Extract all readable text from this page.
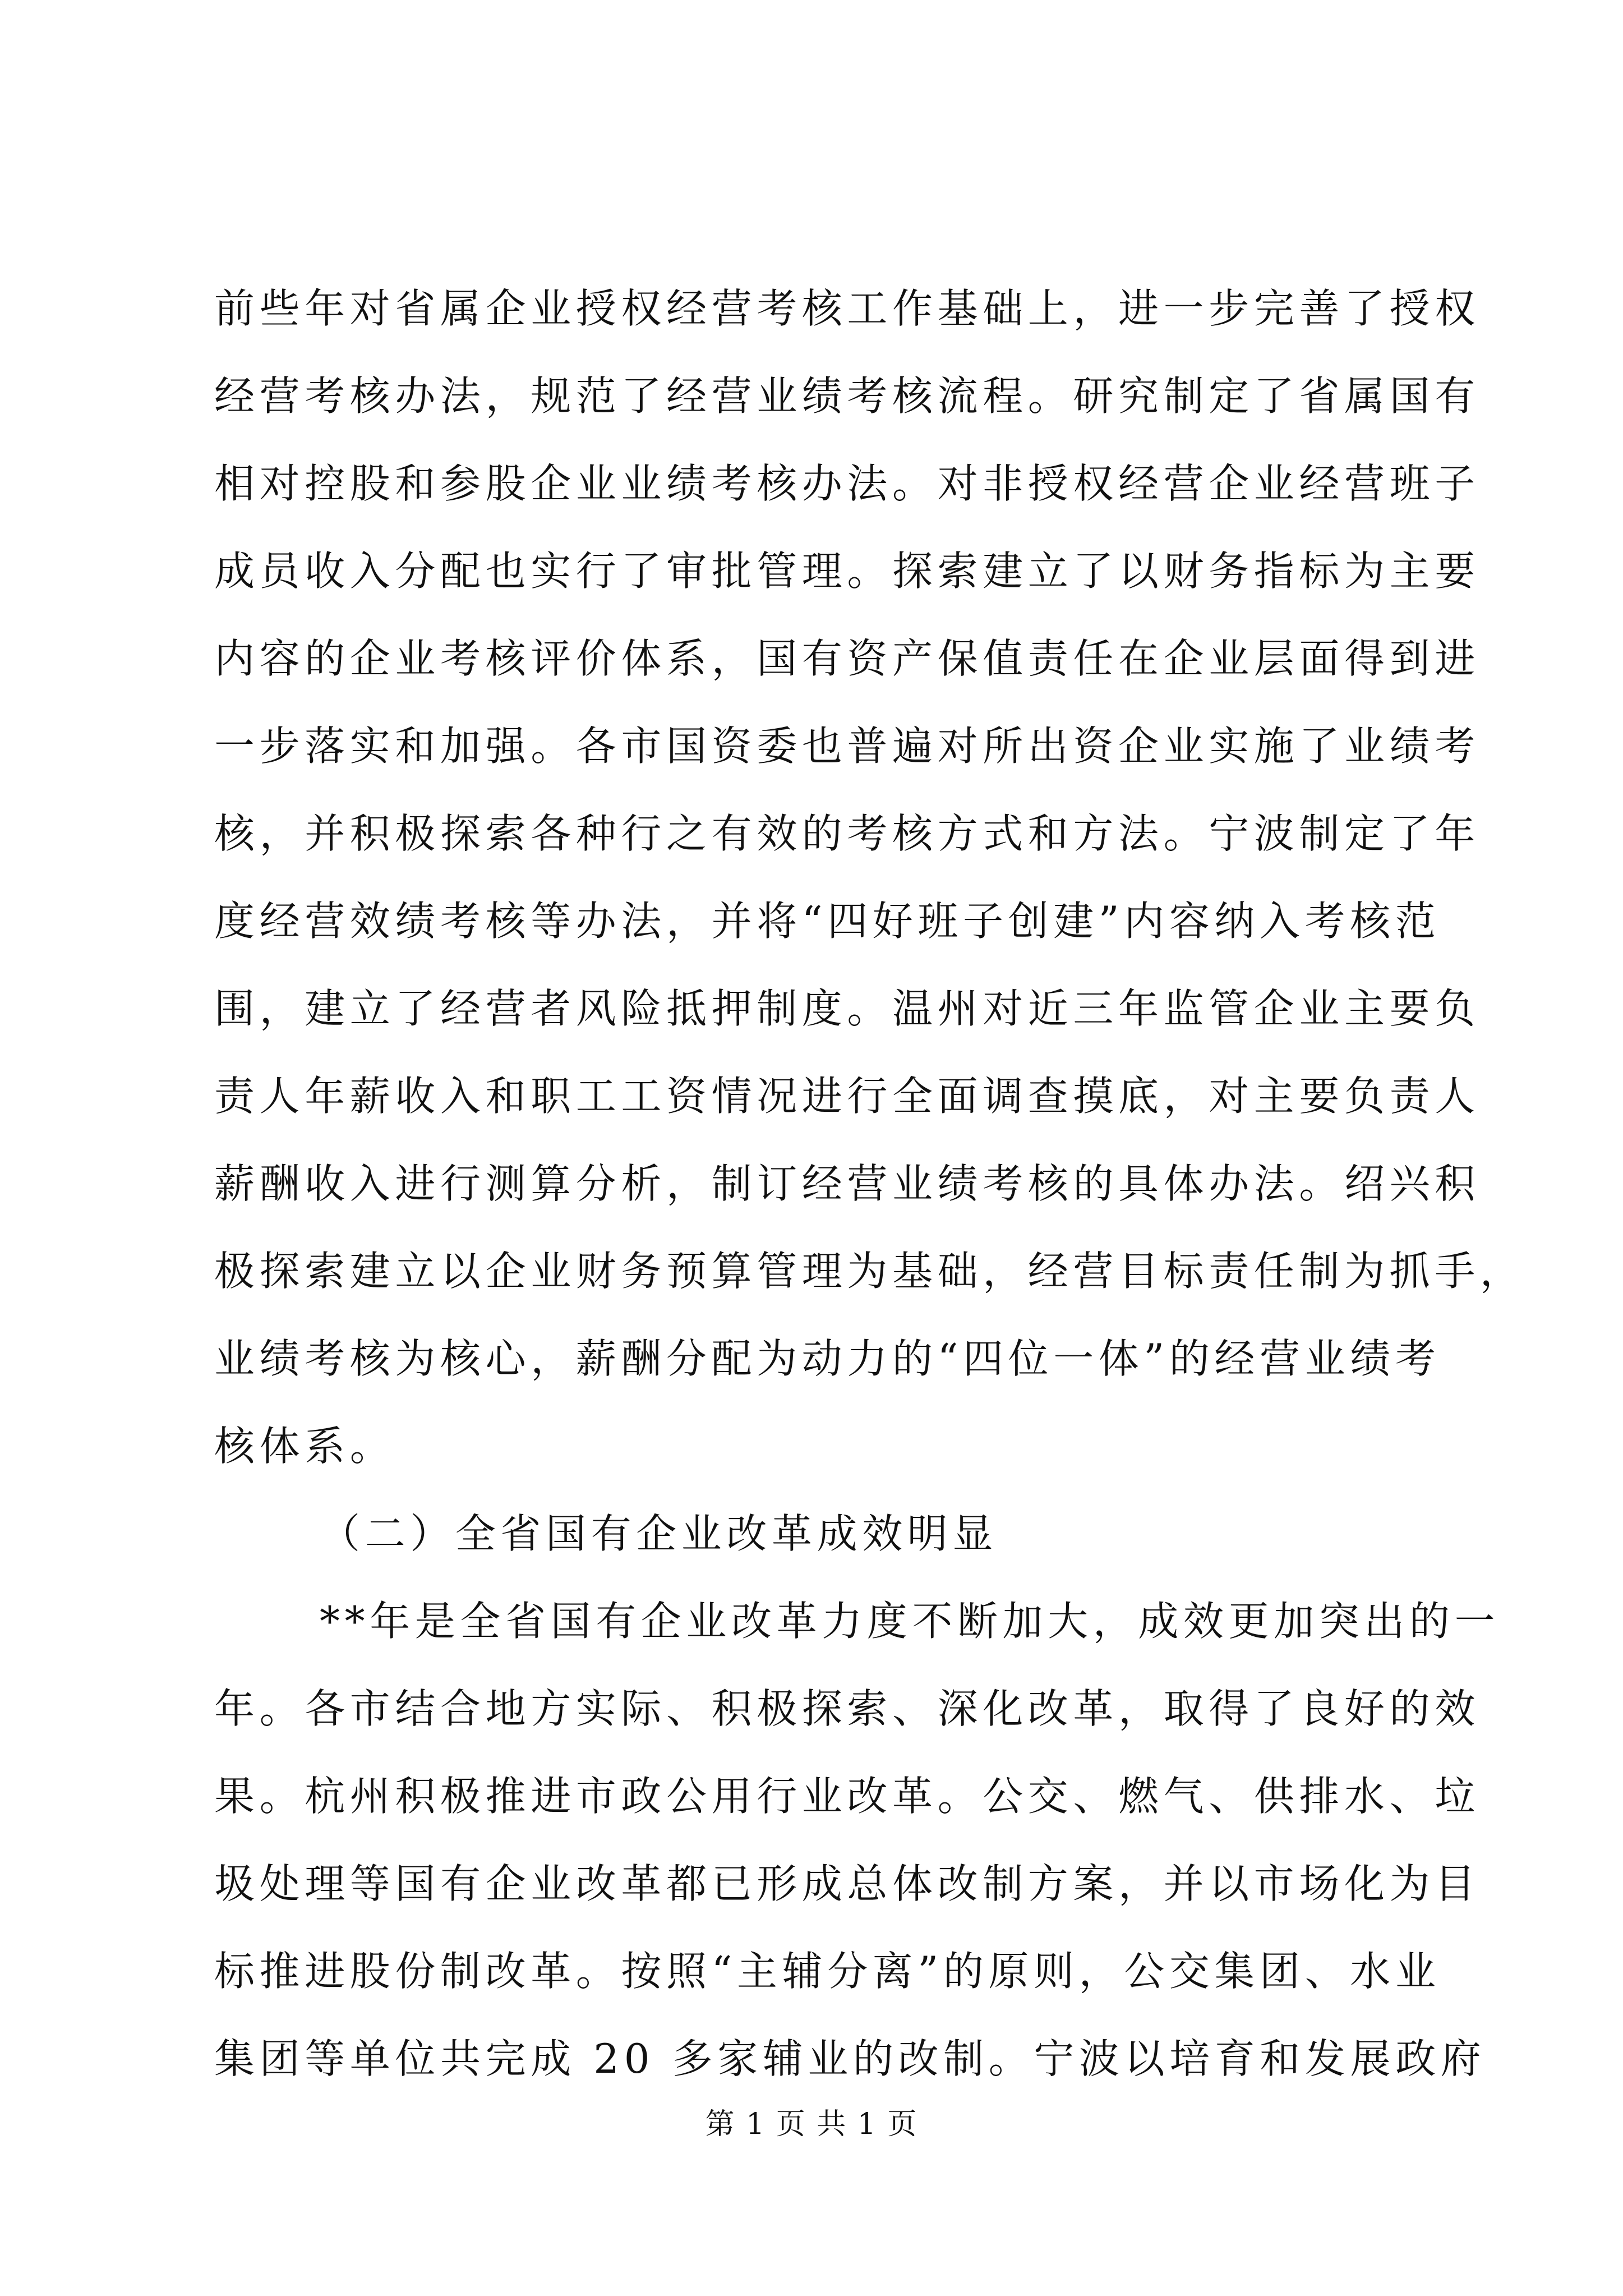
前些年对省属企业授权经营考核工作基础上，进一步完善了授权
经营考核办法，规范了经营业绩考核流程。研究制定了省属国有
相对控股和参股企业业绩考核办法。对非授权经营企业经营班子
成员收入分配也实行了审批管理。探索建立了以财务指标为主要
内容的企业考核评价体系，国有资产保值责任在企业层面得到进
一步落实和加强。各市国资委也普遍对所出资企业实施了业绩考
核，并积极探索各种行之有效的考核方式和方法。宁波制定了年
度经营效绩考核等办法，并将“四好班子创建”内容纳入考核范
围，建立了经营者风险抵押制度。温州对近三年监管企业主要负
责人年薪收入和职工工资情况进行全面调查摸底，对主要负责人
薪酬收入进行测算分析，制订经营业绩考核的具体办法。绍兴积
极探索建立以企业财务预算管理为基础，经营目标责任制为抓手，
业绩考核为核心，薪酬分配为动力的“四位一体”的经营业绩考
核体系。
（二）全省国有企业改革成效明显
**年是全省国有企业改革力度不断加大，成效更加突出的一
年。各市结合地方实际、积极探索、深化改革，取得了良好的效
果。杭州积极推进市政公用行业改革。公交、燃气、供排水、垃
圾处理等国有企业改革都已形成总体改制方案，并以市场化为目
标推进股份制改革。按照“主辅分离”的原则，公交集团、水业
集团等单位共完成 20 多家辅业的改制。宁波以培育和发展政府
第 1 页 共 1 页
